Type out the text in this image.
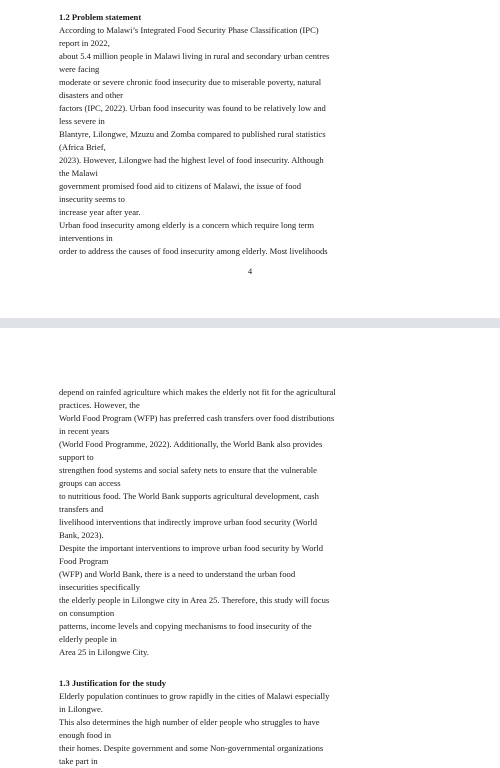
1.2 Problem statement
According to Malawi’s Integrated Food Security Phase Classification (IPC)
report in 2022,
about 5.4 million people in Malawi living in rural and secondary urban centres
were facing
moderate or severe chronic food insecurity due to miserable poverty, natural
disasters and other
factors (IPC, 2022). Urban food insecurity was found to be relatively low and
less severe in
Blantyre, Lilongwe, Mzuzu and Zomba compared to published rural statistics
(Africa Brief,
2023). However, Lilongwe had the highest level of food insecurity. Although
the Malawi
government promised food aid to citizens of Malawi, the issue of food
insecurity seems to
increase year after year.
Urban food insecurity among elderly is a concern which require long term
interventions in
order to address the causes of food insecurity among elderly. Most livelihoods
4
depend on rainfed agriculture which makes the elderly not fit for the agricultural
practices. However, the
World Food Program (WFP) has preferred cash transfers over food distributions
in recent years
(World Food Programme, 2022). Additionally, the World Bank also provides
support to
strengthen food systems and social safety nets to ensure that the vulnerable
groups can access
to nutritious food. The World Bank supports agricultural development, cash
transfers and
livelihood interventions that indirectly improve urban food security (World
Bank, 2023).
Despite the important interventions to improve urban food security by World
Food Program
(WFP) and World Bank, there is a need to understand the urban food
insecurities specifically
the elderly people in Lilongwe city in Area 25. Therefore, this study will focus
on consumption
patterns, income levels and copying mechanisms to food insecurity of the
elderly people in
Area 25 in Lilongwe City.
1.3 Justification for the study
Elderly population continues to grow rapidly in the cities of Malawi especially
in Lilongwe.
This also determines the high number of elder people who struggles to have
enough food in
their homes. Despite government and some Non-governmental organizations
take part in
